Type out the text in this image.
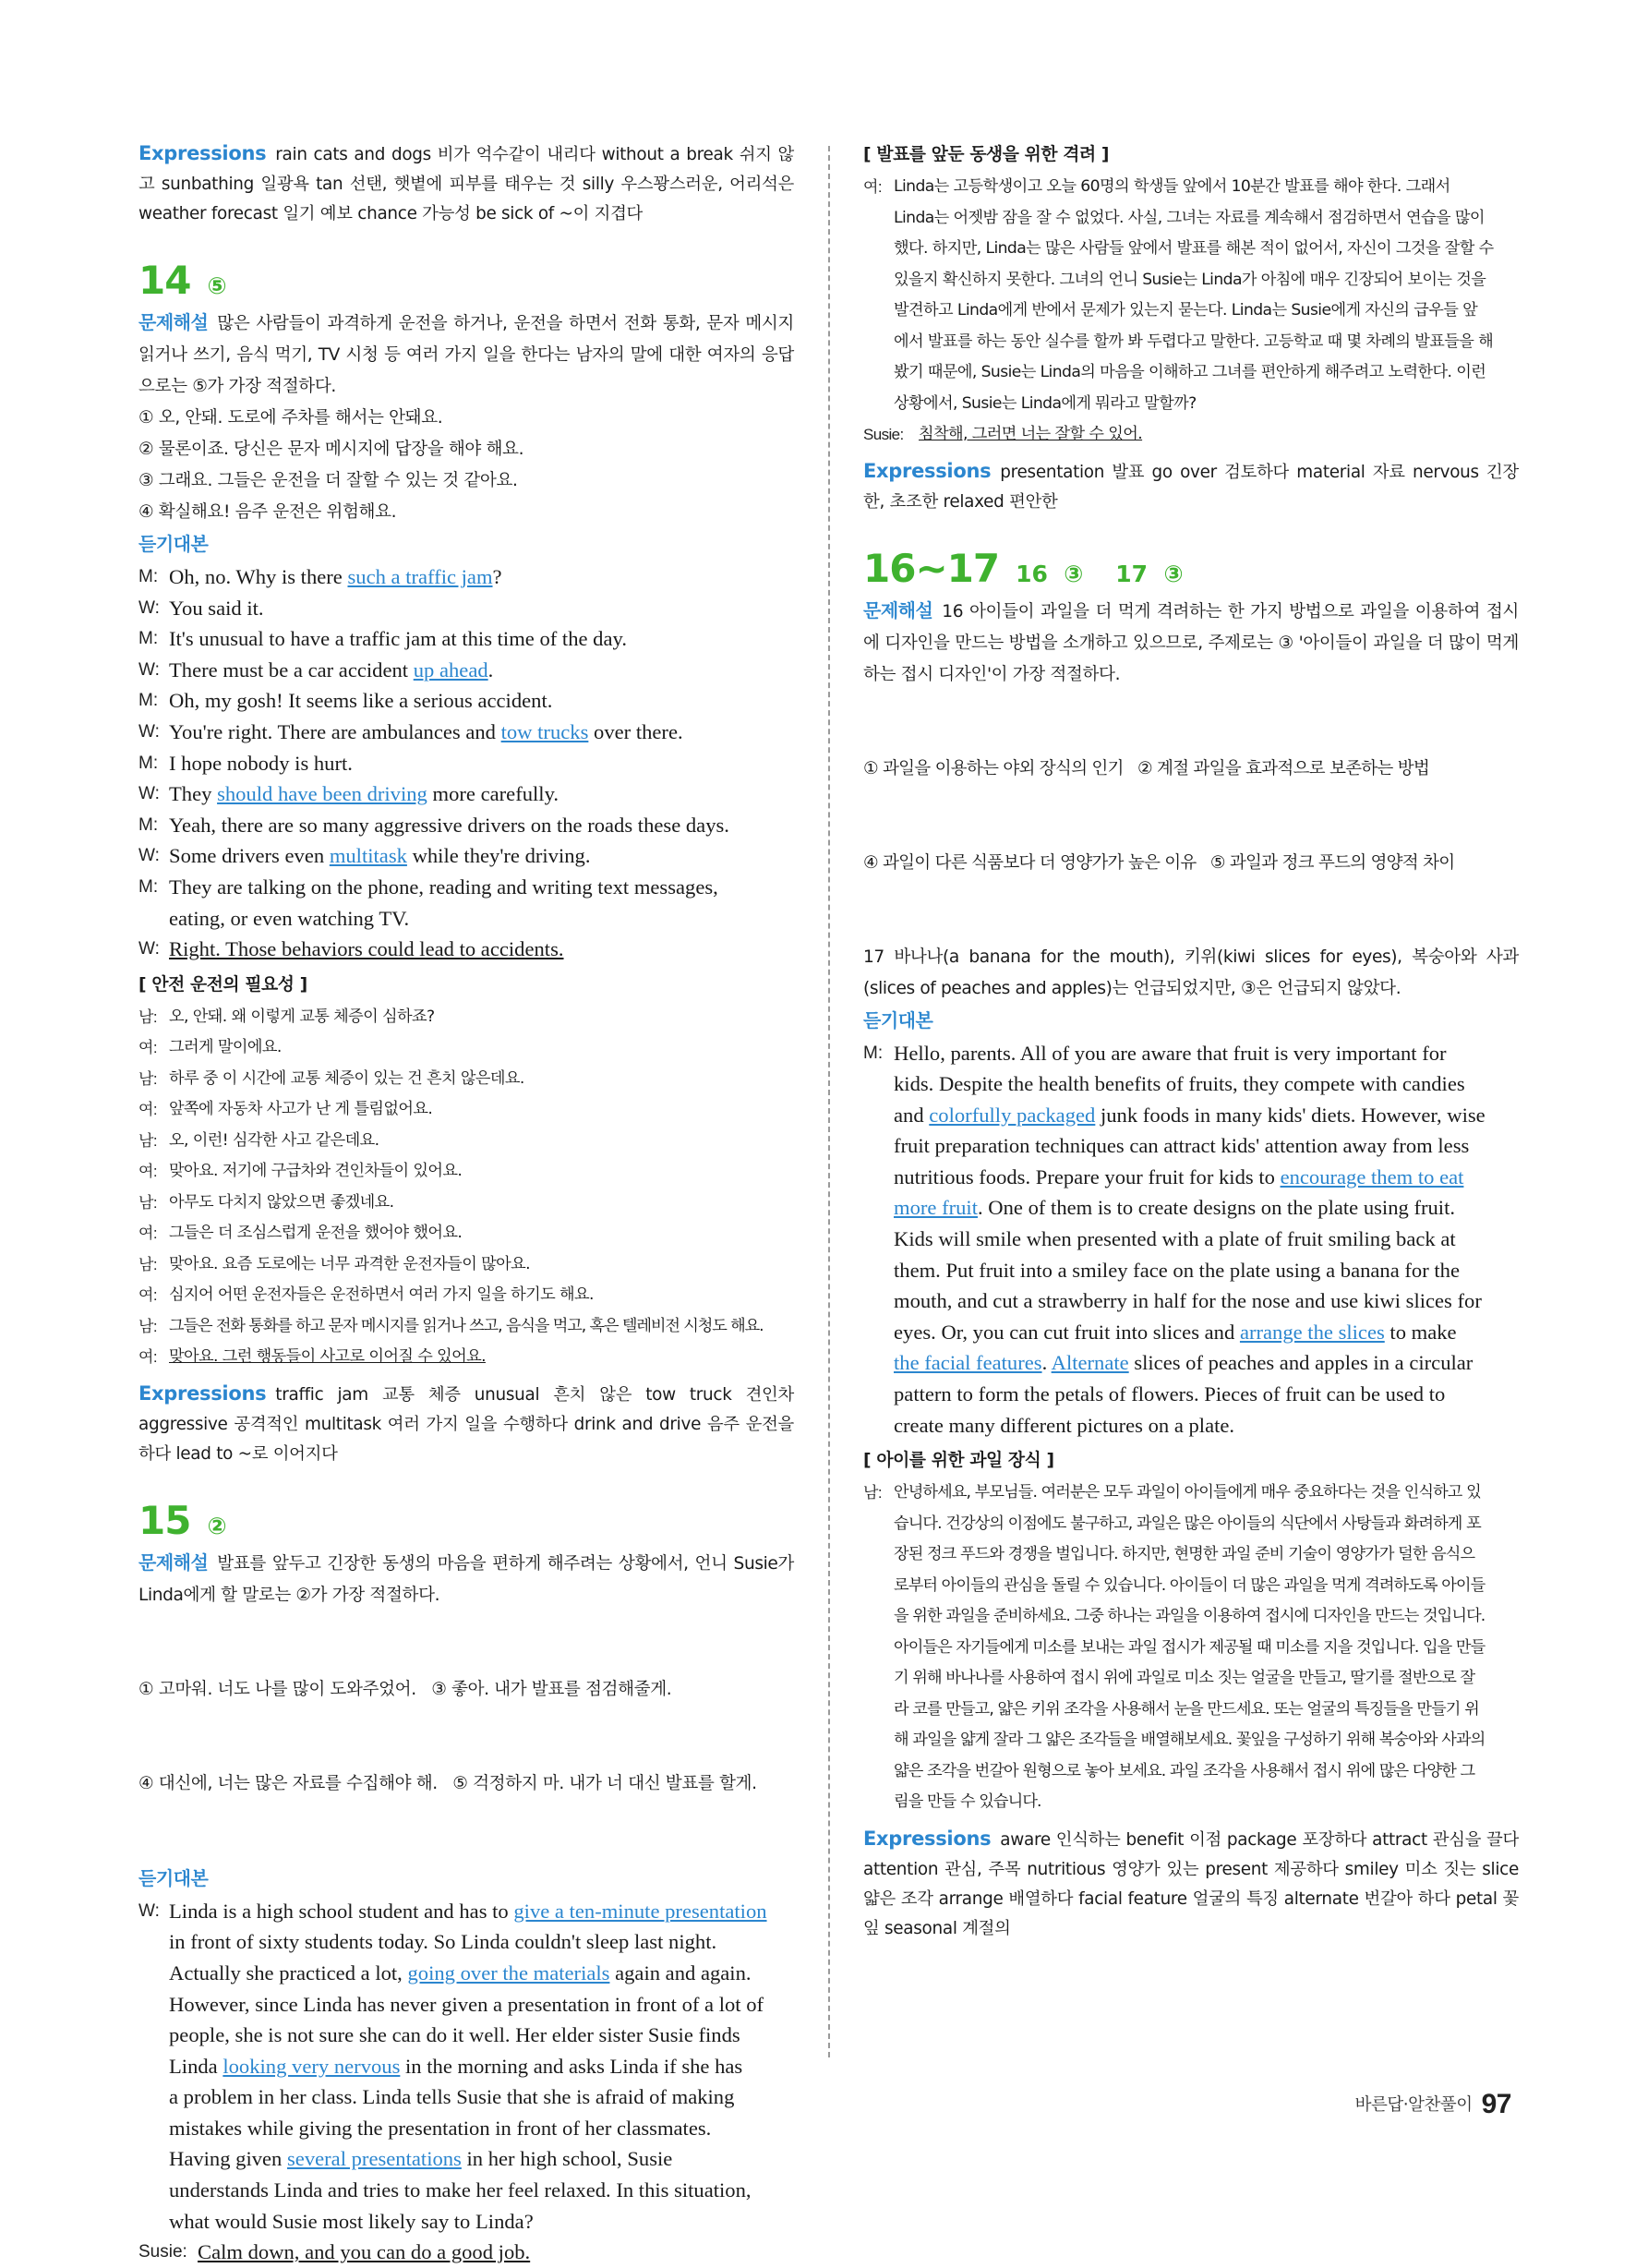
Expressions rain cats and dogs 비가 억수같이 내리다 without a break 쉬지 않고 sunbathing 일광욕 tan 선탠, 햇볕에 피부를 태우는 것 silly 우스꽝스러운, 어리석은 weather forecast 일기 예보 chance 가능성 be sick of ~이 지겹다
14 ⑤
문제해설 많은 사람들이 과격하게 운전을 하거나, 운전을 하면서 전화 통화, 문자 메시지 읽거나 쓰기, 음식 먹기, TV 시청 등 여러 가지 일을 한다는 남자의 말에 대한 여자의 응답으로는 ⑤가 가장 적절하다.
① 오, 안돼. 도로에 주차를 해서는 안돼요.
② 물론이죠. 당신은 문자 메시지에 답장을 해야 해요.
③ 그래요. 그들은 운전을 더 잘할 수 있는 것 같아요.
④ 확실해요! 음주 운전은 위험해요.
듣기대본
M: Oh, no. Why is there such a traffic jam?
W: You said it.
M: It's unusual to have a traffic jam at this time of the day.
W: There must be a car accident up ahead.
M: Oh, my gosh! It seems like a serious accident.
W: You're right. There are ambulances and tow trucks over there.
M: I hope nobody is hurt.
W: They should have been driving more carefully.
M: Yeah, there are so many aggressive drivers on the roads these days.
W: Some drivers even multitask while they're driving.
M: They are talking on the phone, reading and writing text messages,
eating, or even watching TV.
W: Right. Those behaviors could lead to accidents.
[ 안전 운전의 필요성 ]
남: 오, 안돼. 왜 이렇게 교통 체증이 심하죠?
여: 그러게 말이에요.
남: 하루 중 이 시간에 교통 체증이 있는 건 흔치 않은데요.
여: 앞쪽에 자동차 사고가 난 게 틀림없어요.
남: 오, 이런! 심각한 사고 같은데요.
여: 맞아요. 저기에 구급차와 견인차들이 있어요.
남: 아무도 다치지 않았으면 좋겠네요.
여: 그들은 더 조심스럽게 운전을 했어야 했어요.
남: 맞아요. 요즘 도로에는 너무 과격한 운전자들이 많아요.
여: 심지어 어떤 운전자들은 운전하면서 여러 가지 일을 하기도 해요.
남: 그들은 전화 통화를 하고 문자 메시지를 읽거나 쓰고, 음식을 먹고, 혹은 텔레비전 시청도 해요.
여: 맞아요. 그런 행동들이 사고로 이어질 수 있어요.
Expressions traffic jam 교통 체증 unusual 흔치 않은 tow truck 견인차 aggressive 공격적인 multitask 여러 가지 일을 수행하다 drink and drive 음주 운전을 하다 lead to ~로 이어지다
15 ②
문제해설 발표를 앞두고 긴장한 동생의 마음을 편하게 해주려는 상황에서, 언니 Susie가 Linda에게 할 말로는 ②가 가장 적절하다.

① 고마워. 너도 나를 많이 도와주었어.   ③ 좋아. 내가 발표를 점검해줄게.

④ 대신에, 너는 많은 자료를 수집해야 해.   ⑤ 걱정하지 마. 내가 너 대신 발표를 할게.

듣기대본
W: Linda is a high school student and has to give a ten-minute presentation
in front of sixty students today. So Linda couldn't sleep last night.
Actually she practiced a lot, going over the materials again and again.
However, since Linda has never given a presentation in front of a lot of
people, she is not sure she can do it well. Her elder sister Susie finds
Linda looking very nervous in the morning and asks Linda if she has
a problem in her class. Linda tells Susie that she is afraid of making
mistakes while giving the presentation in front of her classmates.
Having given several presentations in her high school, Susie
understands Linda and tries to make her feel relaxed. In this situation,
what would Susie most likely say to Linda?
Susie: Calm down, and you can do a good job.
[ 발표를 앞둔 동생을 위한 격려 ]
여: Linda는 고등학생이고 오늘 60명의 학생들 앞에서 10분간 발표를 해야 한다. 그래서
Linda는 어젯밤 잠을 잘 수 없었다. 사실, 그녀는 자료를 계속해서 점검하면서 연습을 많이
했다. 하지만, Linda는 많은 사람들 앞에서 발표를 해본 적이 없어서, 자신이 그것을 잘할 수
있을지 확신하지 못한다. 그녀의 언니 Susie는 Linda가 아침에 매우 긴장되어 보이는 것을
발견하고 Linda에게 반에서 문제가 있는지 묻는다. Linda는 Susie에게 자신의 급우들 앞
에서 발표를 하는 동안 실수를 할까 봐 두렵다고 말한다. 고등학교 때 몇 차례의 발표들을 해
봤기 때문에, Susie는 Linda의 마음을 이해하고 그녀를 편안하게 해주려고 노력한다. 이런
상황에서, Susie는 Linda에게 뭐라고 말할까?
Susie: 침착해, 그러면 너는 잘할 수 있어.
Expressions presentation 발표 go over 검토하다 material 자료 nervous 긴장한, 초조한 relaxed 편안한
16~17 16  ③    17  ③
문제해설 16 아이들이 과일을 더 먹게 격려하는 한 가지 방법으로 과일을 이용하여 접시에 디자인을 만드는 방법을 소개하고 있으므로, 주제로는 ③ '아이들이 과일을 더 많이 먹게 하는 접시 디자인'이 가장 적절하다.

① 과일을 이용하는 야외 장식의 인기   ② 계절 과일을 효과적으로 보존하는 방법

④ 과일이 다른 식품보다 더 영양가가 높은 이유   ⑤ 과일과 정크 푸드의 영양적 차이

17 바나나(a banana for the mouth), 키위(kiwi slices for eyes), 복숭아와 사과(slices of peaches and apples)는 언급되었지만, ③은 언급되지 않았다.
듣기대본
M: Hello, parents. All of you are aware that fruit is very important for
kids. Despite the health benefits of fruits, they compete with candies
and colorfully packaged junk foods in many kids' diets. However, wise
fruit preparation techniques can attract kids' attention away from less
nutritious foods. Prepare your fruit for kids to encourage them to eat
more fruit. One of them is to create designs on the plate using fruit.
Kids will smile when presented with a plate of fruit smiling back at
them. Put fruit into a smiley face on the plate using a banana for the
mouth, and cut a strawberry in half for the nose and use kiwi slices for
eyes. Or, you can cut fruit into slices and arrange the slices to make
the facial features. Alternate slices of peaches and apples in a circular
pattern to form the petals of flowers. Pieces of fruit can be used to
create many different pictures on a plate.
[ 아이를 위한 과일 장식 ]
남: 안녕하세요, 부모님들. 여러분은 모두 과일이 아이들에게 매우 중요하다는 것을 인식하고 있
습니다. 건강상의 이점에도 불구하고, 과일은 많은 아이들의 식단에서 사탕들과 화려하게 포
장된 정크 푸드와 경쟁을 벌입니다. 하지만, 현명한 과일 준비 기술이 영양가가 덜한 음식으
로부터 아이들의 관심을 돌릴 수 있습니다. 아이들이 더 많은 과일을 먹게 격려하도록 아이들
을 위한 과일을 준비하세요. 그중 하나는 과일을 이용하여 접시에 디자인을 만드는 것입니다.
아이들은 자기들에게 미소를 보내는 과일 접시가 제공될 때 미소를 지을 것입니다. 입을 만들
기 위해 바나나를 사용하여 접시 위에 과일로 미소 짓는 얼굴을 만들고, 딸기를 절반으로 잘
라 코를 만들고, 얇은 키위 조각을 사용해서 눈을 만드세요. 또는 얼굴의 특징들을 만들기 위
해 과일을 얇게 잘라 그 얇은 조각들을 배열해보세요. 꽃잎을 구성하기 위해 복숭아와 사과의
얇은 조각을 번갈아 원형으로 놓아 보세요. 과일 조각을 사용해서 접시 위에 많은 다양한 그
림을 만들 수 있습니다.
Expressions aware 인식하는 benefit 이점 package 포장하다 attract 관심을 끌다 attention 관심, 주목 nutritious 영양가 있는 present 제공하다 smiley 미소 짓는 slice 얇은 조각 arrange 배열하다 facial feature 얼굴의 특징 alternate 번갈아 하다 petal 꽃잎 seasonal 계절의
바른답·알찬풀이 97
